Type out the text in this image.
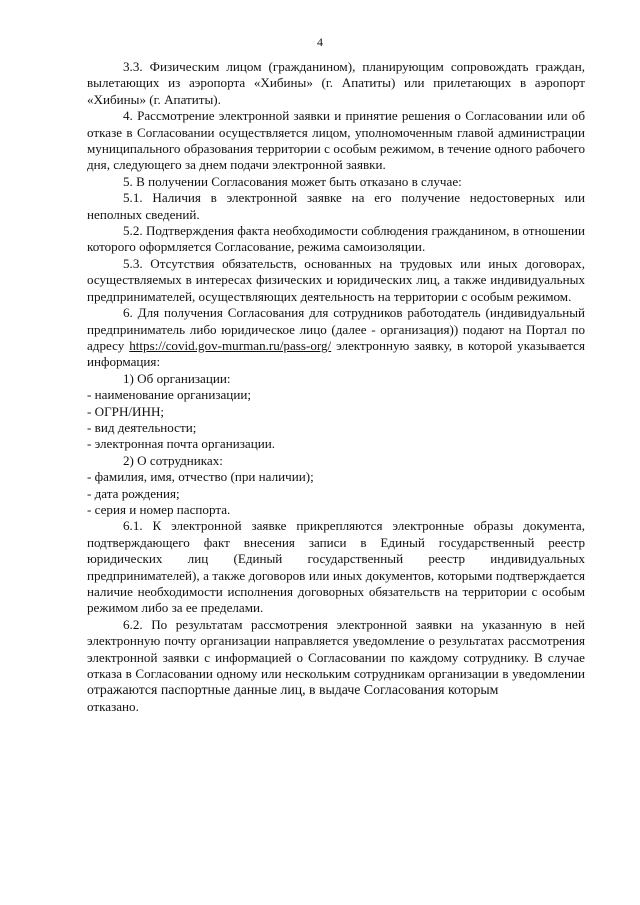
4

3.3. Физическим лицом (гражданином), планирующим сопровождать граждан, вылетающих из аэропорта «Хибины» (г. Апатиты) или прилетающих в аэропорт «Хибины» (г. Апатиты).

4. Рассмотрение электронной заявки и принятие решения о Согласовании или об отказе в Согласовании осуществляется лицом, уполномоченным главой администрации муниципального образования территории с особым режимом, в течение одного рабочего дня, следующего за днем подачи электронной заявки.

5. В получении Согласования может быть отказано в случае:

5.1. Наличия в электронной заявке на его получение недостоверных или неполных сведений.

5.2. Подтверждения факта необходимости соблюдения гражданином, в отношении которого оформляется Согласование, режима самоизоляции.

5.3. Отсутствия обязательств, основанных на трудовых или иных договорах, осуществляемых в интересах физических и юридических лиц, а также индивидуальных предпринимателей, осуществляющих деятельность на территории с особым режимом.

6. Для получения Согласования для сотрудников работодатель (индивидуальный предприниматель либо юридическое лицо (далее - организация)) подают на Портал по адресу https://covid.gov-murman.ru/pass-org/ электронную заявку, в которой указывается информация:

1) Об организации:

- наименование организации;

- ОГРН/ИНН;

- вид деятельности;

- электронная почта организации.

2) О сотрудниках:

- фамилия, имя, отчество (при наличии);

- дата рождения;

- серия и номер паспорта.

6.1. К электронной заявке прикрепляются электронные образы документа, подтверждающего факт внесения записи в Единый государственный реестр юридических лиц (Единый государственный реестр индивидуальных предпринимателей), а также договоров или иных документов, которыми подтверждается наличие необходимости исполнения договорных обязательств на территории с особым режимом либо за ее пределами.

6.2. По результатам рассмотрения электронной заявки на указанную в ней электронную почту организации направляется уведомление о результатах рассмотрения электронной заявки с информацией о Согласовании по каждому сотруднику. В случае отказа в Согласовании одному или нескольким сотрудникам организации в уведомлении отражаются паспортные данные лиц, в выдаче Согласования которым

отказано.
